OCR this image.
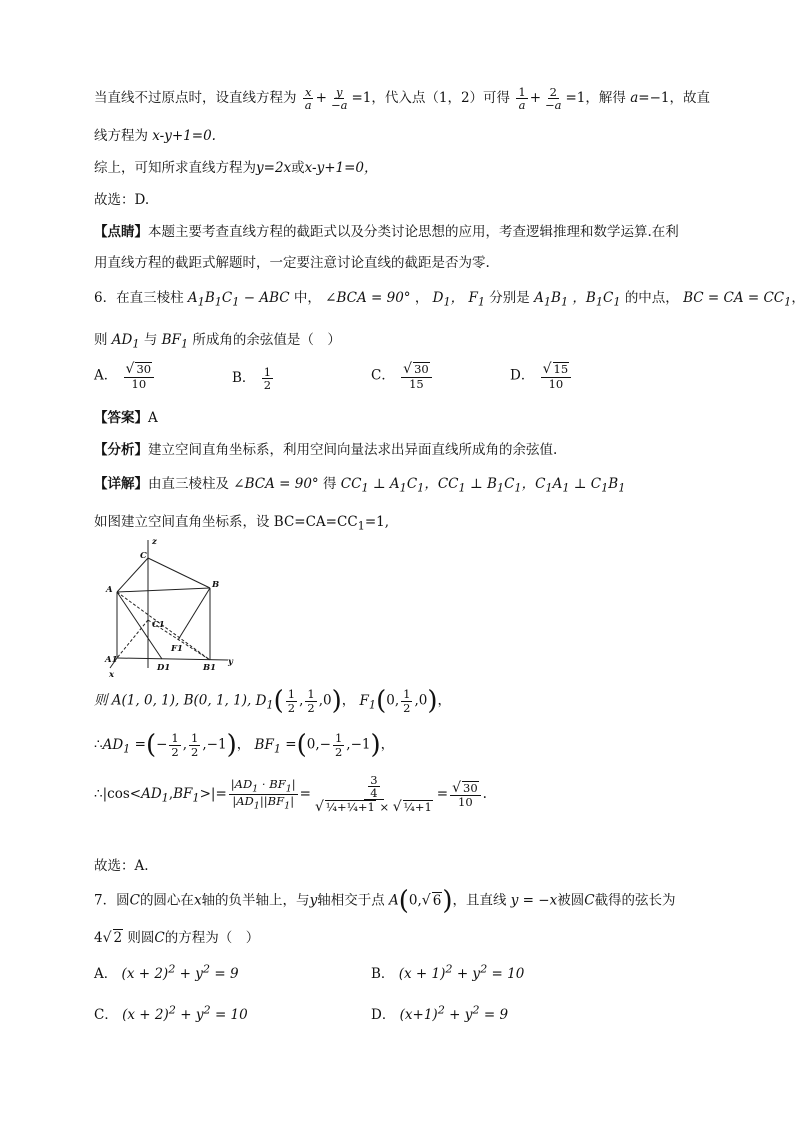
当直线不过原点时，设直线方程为 $\frac{x}{a} + \frac{y}{-a} =1$，代入点（1，2）可得 $\frac{1}{a} + \frac{2}{-a} =1$，解得 a=−1，故直
线方程为 x-y+1=0.
综上，可知所求直线方程为y=2x或x-y+1=0，
故选：D.
【点睛】本题主要考查直线方程的截距式以及分类讨论思想的应用，考查逻辑推理和数学运算.在利
用直线方程的截距式解题时，一定要注意讨论直线的截距是否为零.
6．在直三棱柱 $A_1B_1C_1$ − ABC 中， ∠BCA = 90° ， $D_1$， $F_1$ 分别是 $A_1B_1$ ，$B_1C_1$ 的中点， BC = CA = $CC_1$，
则 $AD_1$ 与 $BF_1$ 所成角的余弦值是（　）
A． $\frac{√ 30}{10}$	B． $\frac{1}{2}$	C． $\frac{√ 30}{15}$	D． $\frac{√ 15}{10}$
【答案】A
【分析】建立空间直角坐标系，利用空间向量法求出异面直线所成角的余弦值.
【详解】由直三棱柱及 ∠BCA = 90° 得 $CC_1$ ⊥ $A_1C_1$，$CC_1$ ⊥ $B_1C_1$，$C_1A_1$ ⊥ $C_1B_1$
如图建立空间直角坐标系，设 $BC=CA=CC_1=1$,
z
C
A	B
C1
F1
A1
D1	B1
x
y
则 A(1, 0, 1), B(0, 1, 1), $D_1( \frac{1}{2}$ , $\frac{1}{2} ,0$)， $F_1(0$, $\frac{1}{2} ,0$)，
$\therefore AD_1$ =(− $\frac{1}{2}$ , $\frac{1}{2} ,-1$)， $BF_1 =(0,- \frac{1}{2} ,-1)$，
$\therefore|\cos<AD_1,BF_1>|= \frac{|AD_1 \cdot BF_1|}{|AD_1||BF_1|} = \frac{\frac{3}{4}}{\text{√ ¼+¼+1 × √ ¼+1}} = \frac{√ 30}{10}$ .
故选：A.
7．圆C的圆心在x轴的负半轴上，与y轴相交于点 A(0,√ 6)，且直线 y = −x被圆C截得的弦长为
4√ 2 则圆C的方程为（　）
A． $(x + 2)^2 + y^2 = 9$	B． $(x + 1)^2 + y^2 = 10$
C． $(x + 2)^2 + y^2 = 10$	D． $(x+1)^2 + y^2 = 9$
